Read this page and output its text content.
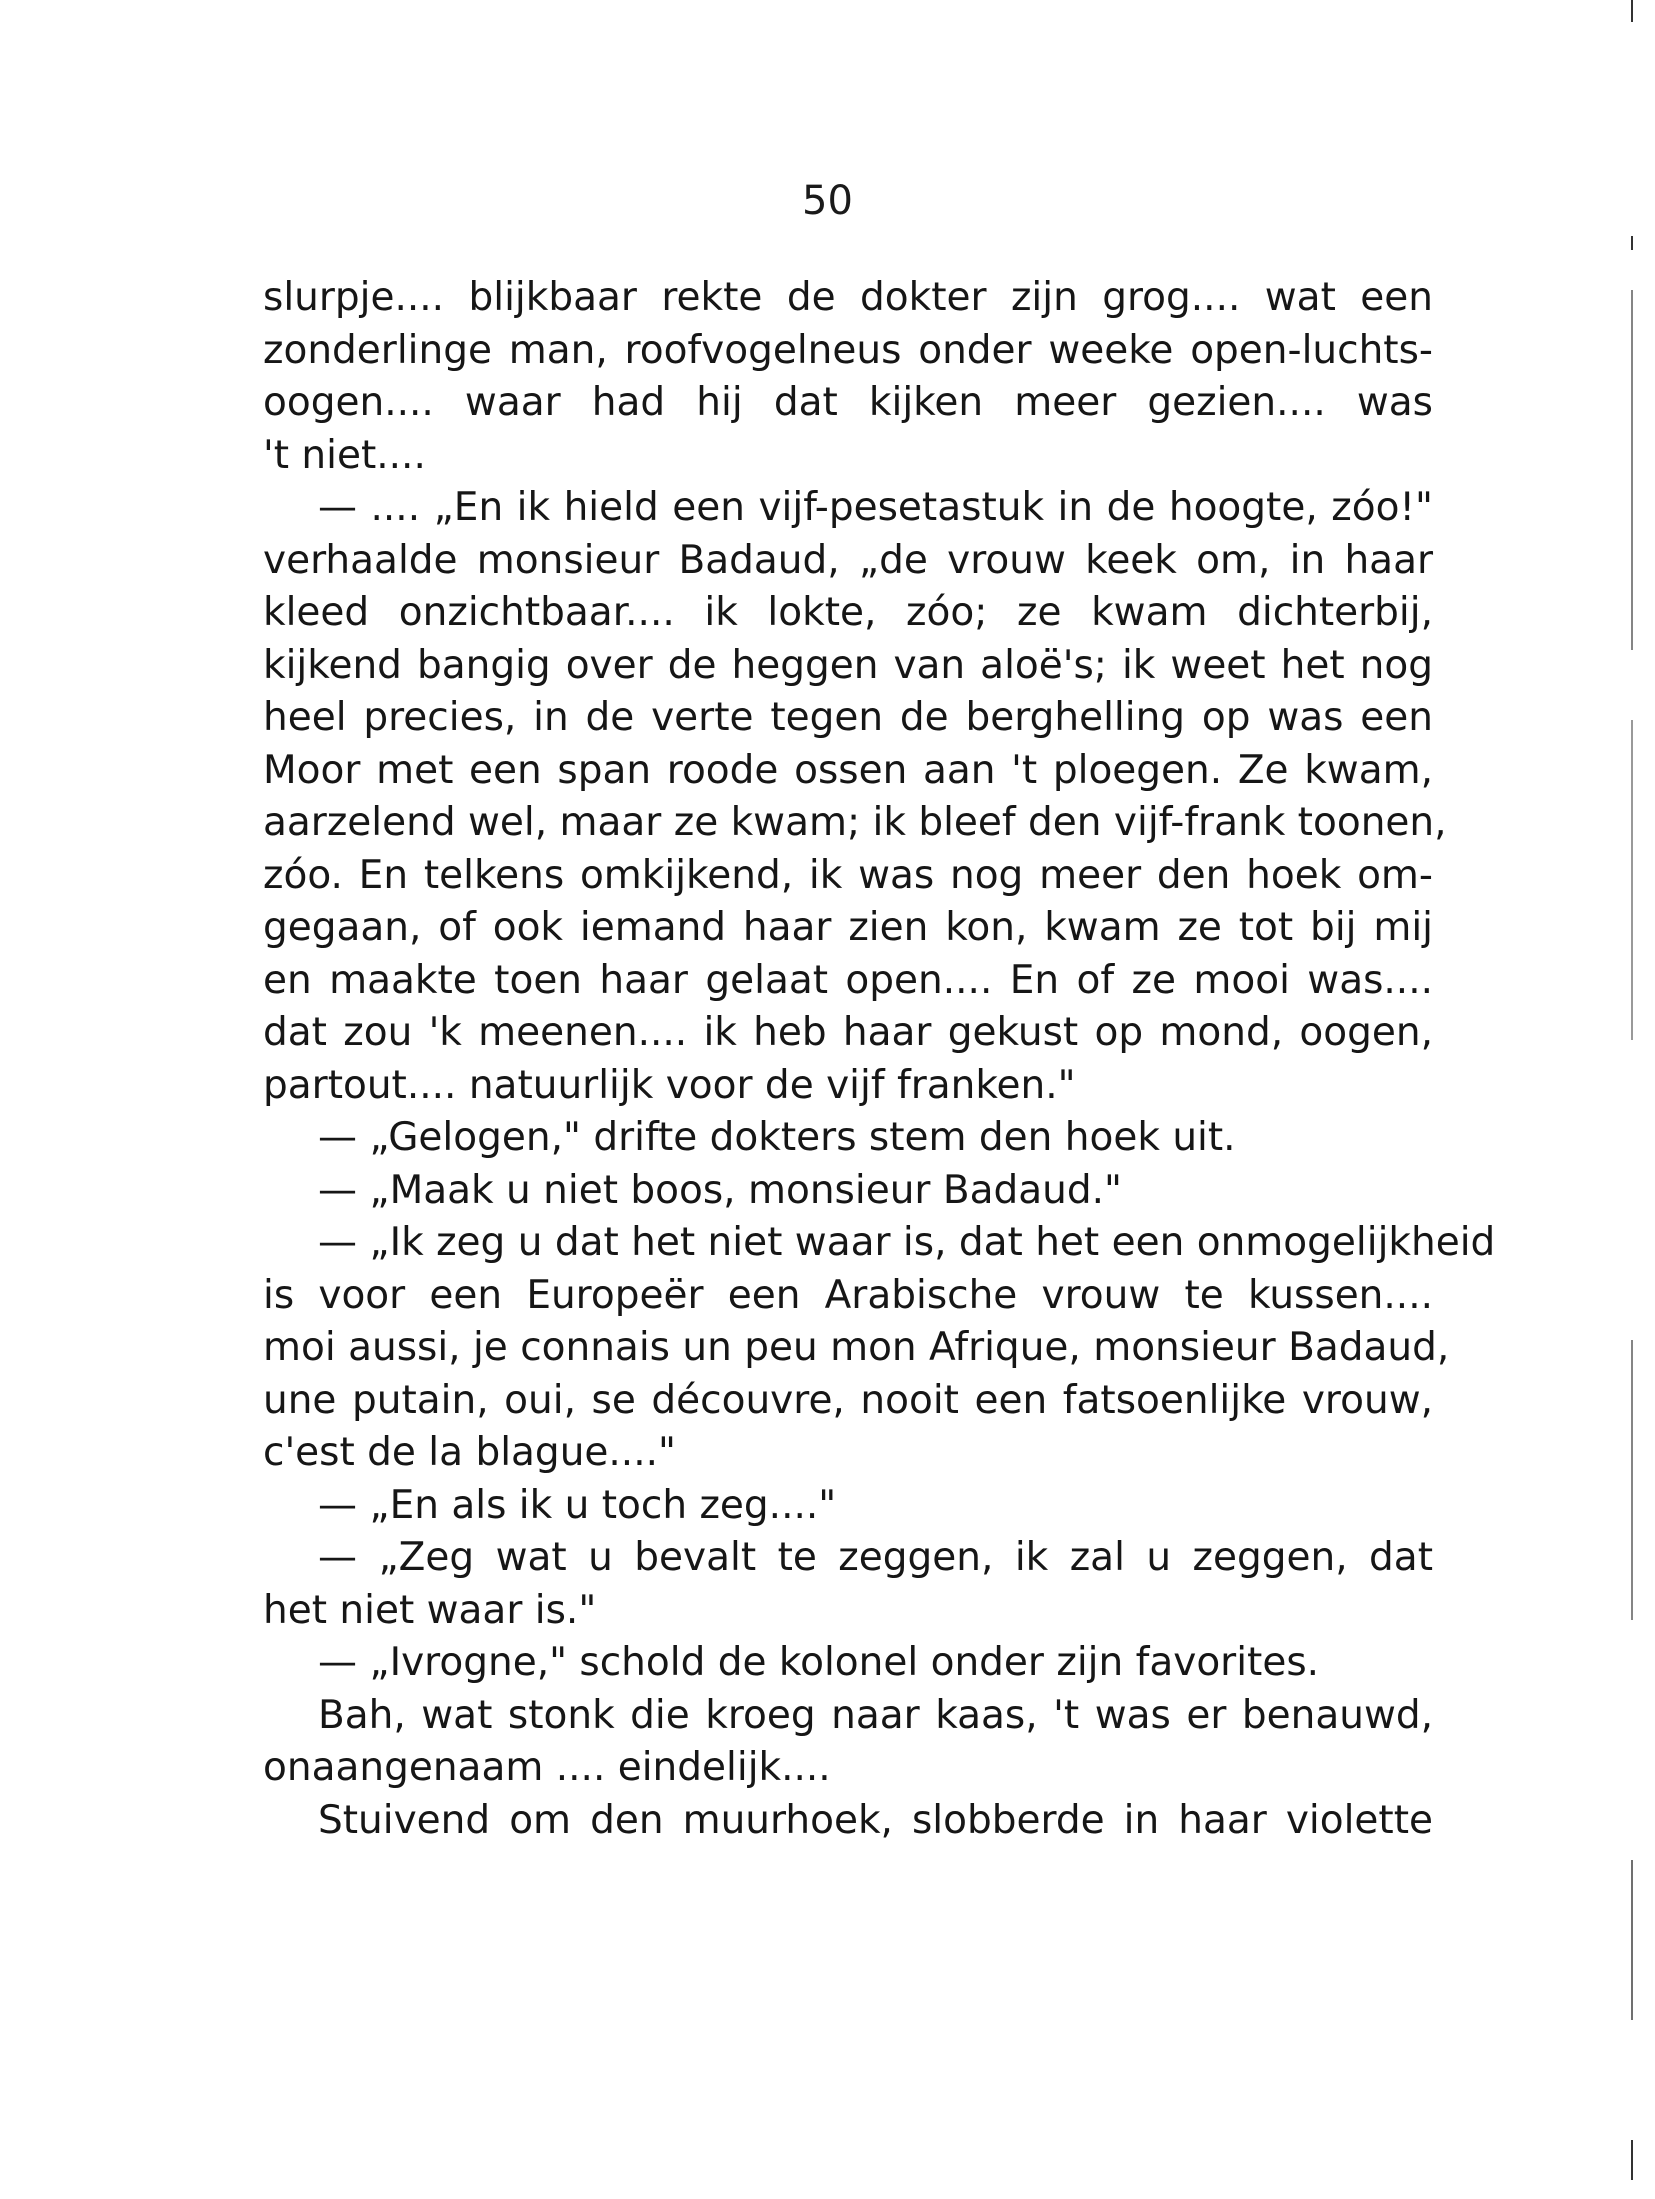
50
slurpje.... blijkbaar rekte de dokter zijn grog.... wat een
zonderlinge man, roofvogelneus onder weeke open-luchts-
oogen.... waar had hij dat kijken meer gezien.... was
't niet....
— .... „En ik hield een vijf-pesetastuk in de hoogte, zóo!"
verhaalde monsieur Badaud, „de vrouw keek om, in haar
kleed onzichtbaar.... ik lokte, zóo; ze kwam dichterbij,
kijkend bangig over de heggen van aloë's; ik weet het nog
heel precies, in de verte tegen de berghelling op was een
Moor met een span roode ossen aan 't ploegen. Ze kwam,
aarzelend wel, maar ze kwam; ik bleef den vijf-frank toonen,
zóo. En telkens omkijkend, ik was nog meer den hoek om-
gegaan, of ook iemand haar zien kon, kwam ze tot bij mij
en maakte toen haar gelaat open.... En of ze mooi was....
dat zou 'k meenen.... ik heb haar gekust op mond, oogen,
partout.... natuurlijk voor de vijf franken."
— „Gelogen," drifte dokters stem den hoek uit.
— „Maak u niet boos, monsieur Badaud."
— „Ik zeg u dat het niet waar is, dat het een onmogelijkheid
is voor een Europeër een Arabische vrouw te kussen....
moi aussi, je connais un peu mon Afrique, monsieur Badaud,
une putain, oui, se découvre, nooit een fatsoenlijke vrouw,
c'est de la blague...."
— „En als ik u toch zeg...."
— „Zeg wat u bevalt te zeggen, ik zal u zeggen, dat
het niet waar is."
— „Ivrogne," schold de kolonel onder zijn favorites.
Bah, wat stonk die kroeg naar kaas, 't was er benauwd,
onaangenaam .... eindelijk....
Stuivend om den muurhoek, slobberde in haar violette
